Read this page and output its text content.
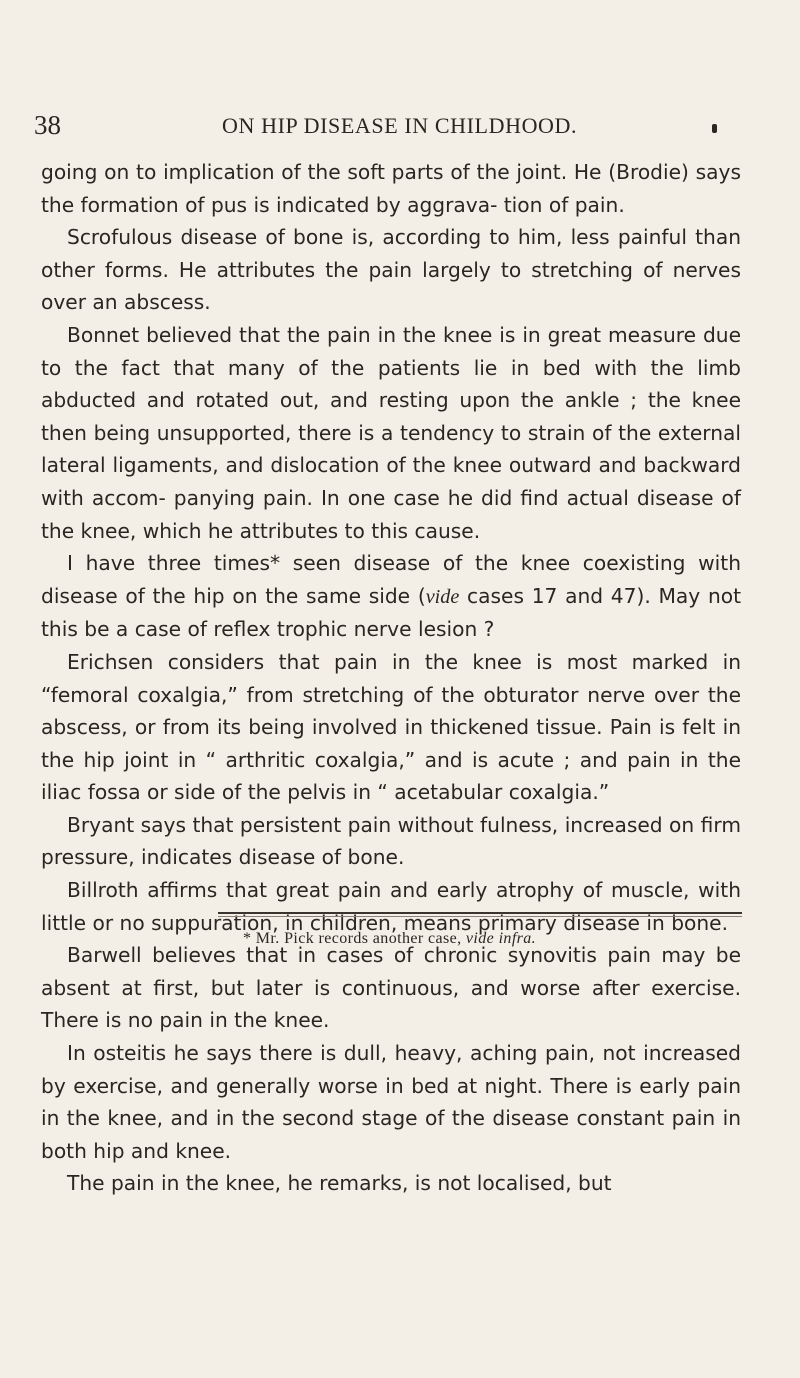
38	ON HIP DISEASE IN CHILDHOOD.

going on to implication of the soft parts of the joint. He (Brodie) says the formation of pus is indicated by aggrava- tion of pain.

Scrofulous disease of bone is, according to him, less painful than other forms. He attributes the pain largely to stretching of nerves over an abscess.

Bonnet believed that the pain in the knee is in great measure due to the fact that many of the patients lie in bed with the limb abducted and rotated out, and resting upon the ankle ; the knee then being unsupported, there is a tendency to strain of the external lateral ligaments, and dislocation of the knee outward and backward with accom- panying pain. In one case he did find actual disease of the knee, which he attributes to this cause.

I have three times* seen disease of the knee coexisting with disease of the hip on the same side (vide cases 17 and 47). May not this be a case of reflex trophic nerve lesion ?

Erichsen considers that pain in the knee is most marked in “femoral coxalgia,” from stretching of the obturator nerve over the abscess, or from its being involved in thickened tissue. Pain is felt in the hip joint in “ arthritic coxalgia,” and is acute ; and pain in the iliac fossa or side of the pelvis in “ acetabular coxalgia.”

Bryant says that persistent pain without fulness, increased on firm pressure, indicates disease of bone.

Billroth affirms that great pain and early atrophy of muscle, with little or no suppuration, in children, means primary disease in bone.

Barwell believes that in cases of chronic synovitis pain may be absent at first, but later is continuous, and worse after exercise. There is no pain in the knee.

In osteitis he says there is dull, heavy, aching pain, not increased by exercise, and generally worse in bed at night. There is early pain in the knee, and in the second stage of the disease constant pain in both hip and knee.

The pain in the knee, he remarks, is not localised, but

* Mr. Pick records another case, vide infra.
